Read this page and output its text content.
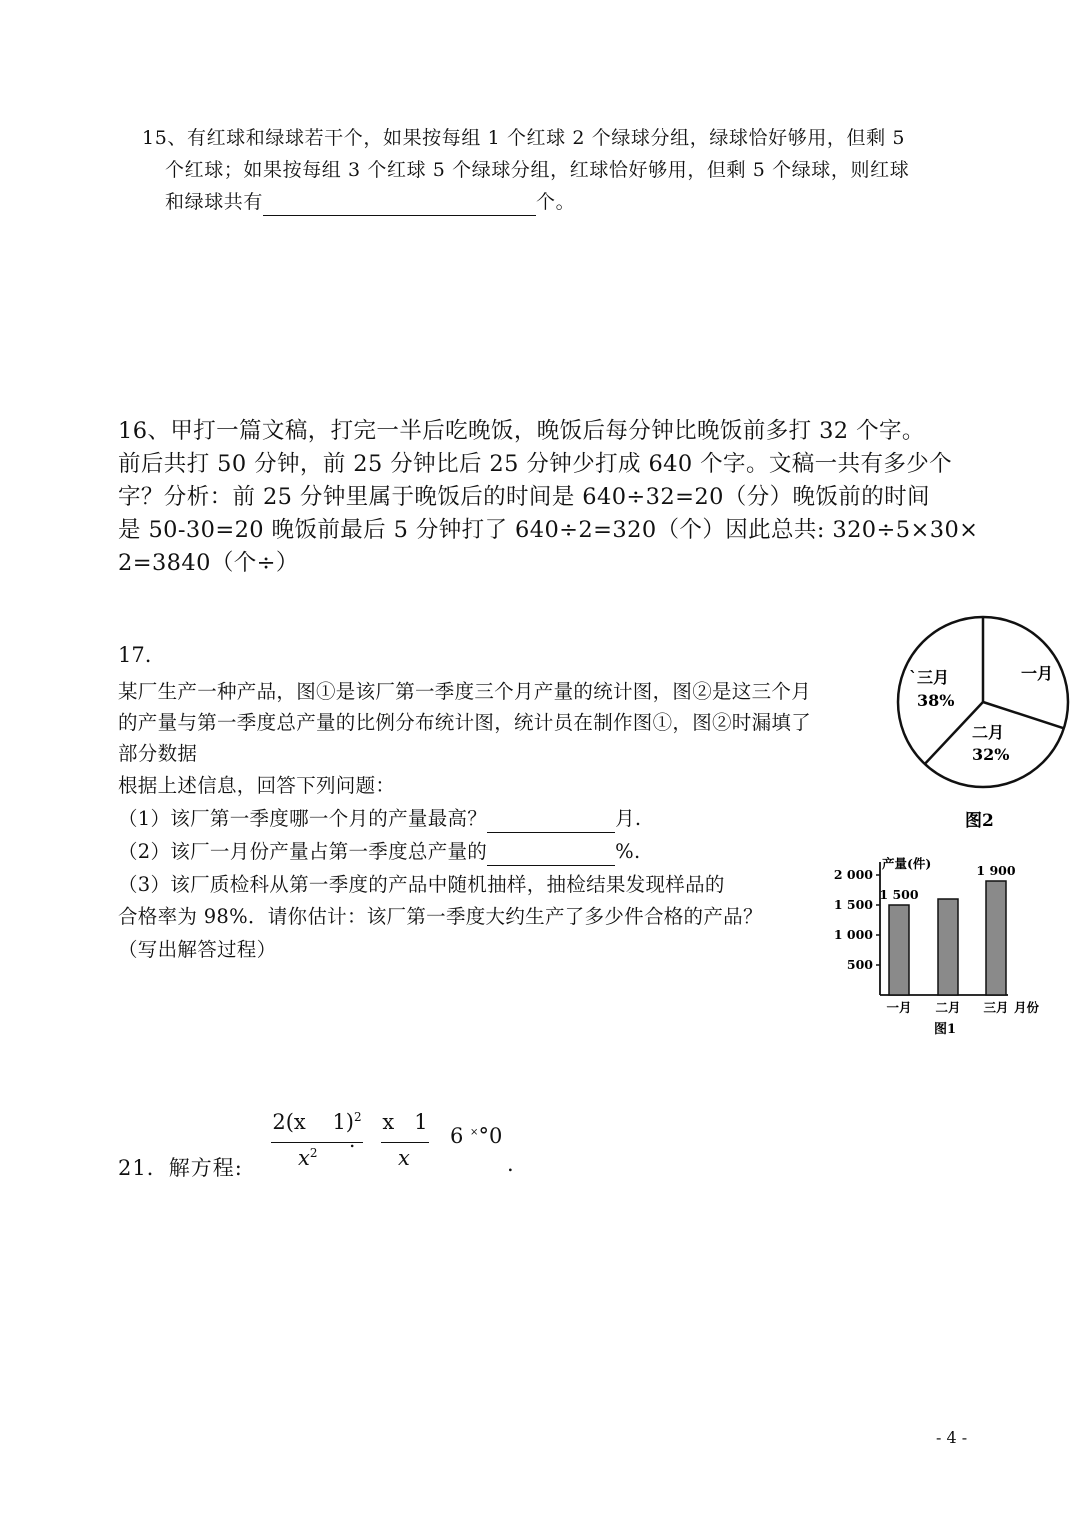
15、有红球和绿球若干个，如果按每组 1 个红球 2 个绿球分组，绿球恰好够用，但剩 5
个红球；如果按每组 3 个红球 5 个绿球分组，红球恰好够用，但剩 5 个绿球，则红球
和绿球共有	个。
16、甲打一篇文稿，打完一半后吃晚饭，晚饭后每分钟比晚饭前多打 32 个字。
前后共打 50 分钟，前 25 分钟比后 25 分钟少打成 640 个字。文稿一共有多少个
字？分析：前 25 分钟里属于晚饭后的时间是 640÷32=20（分）晚饭前的时间
是 50-30=20 晚饭前最后 5 分钟打了 640÷2=320（个）因此总共: 320÷5×30×
2=3840（个÷）
17.
某厂生产一种产品，图①是该厂第一季度三个月产量的统计图，图②是这三个月
的产量与第一季度总产量的比例分布统计图，统计员在制作图①，图②时漏填了
部分数据
根据上述信息，回答下列问题：
（1）该厂第一季度哪一个月的产量最高？	月.
（2）该厂一月份产量占第一季度总产量的	%.
（3）该厂质检科从第一季度的产品中随机抽样，抽检结果发现样品的
合格率为 98%．请你估计：该厂第一季度大约生产了多少件合格的产品？
（写出解答过程）
一月
`三月
38%
二月
32%
图2
产量(件)
500
1 000
1 500
2 000
1 500
一月 二月
1 900
三月 月份
图1
21．解方程:
2(x    1)$^2$
$x^2$
.
x   1
x
6 ×°0
.
- 4 -
